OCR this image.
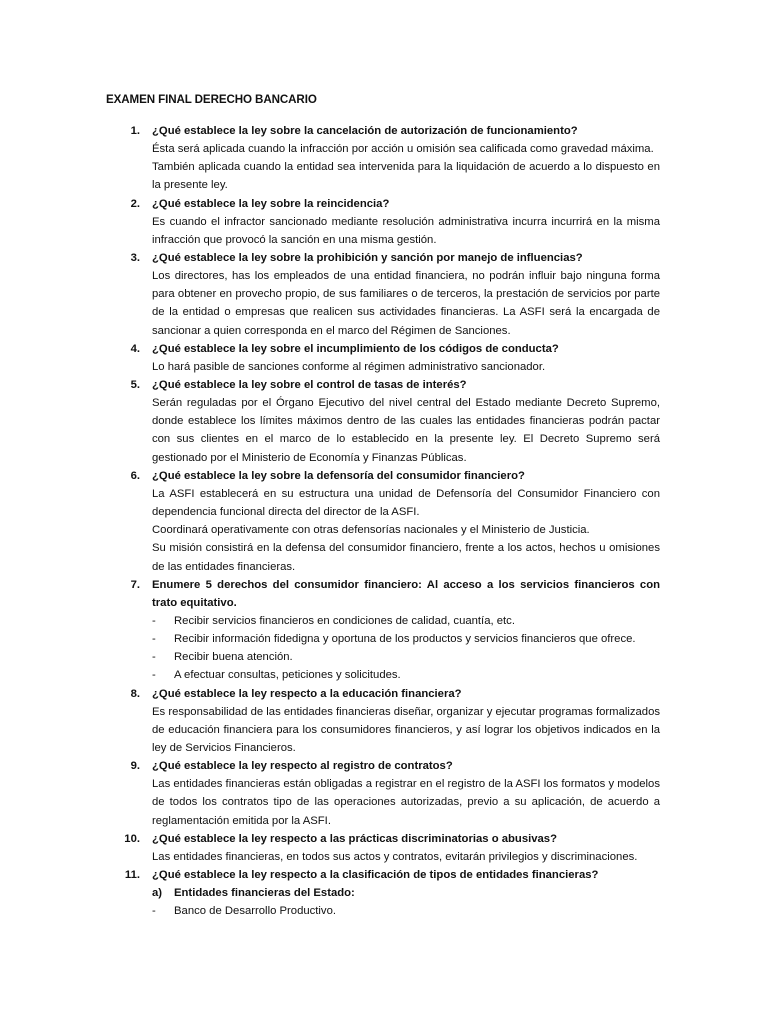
EXAMEN FINAL DERECHO BANCARIO
1. ¿Qué establece la ley sobre la cancelación de autorización de funcionamiento?

Ésta será aplicada cuando la infracción por acción u omisión sea calificada como gravedad máxima.

También aplicada cuando la entidad sea intervenida para la liquidación de acuerdo a lo dispuesto en la presente ley.

2. ¿Qué establece la ley sobre la reincidencia?

Es cuando el infractor sancionado mediante resolución administrativa incurra incurrirá en la misma infracción que provocó la sanción en una misma gestión.

3. ¿Qué establece la ley sobre la prohibición y sanción por manejo de influencias?

Los directores, has los empleados de una entidad financiera, no podrán influir bajo ninguna forma para obtener en provecho propio, de sus familiares o de terceros, la prestación de servicios por parte de la entidad o empresas que realicen sus actividades financieras. La ASFI será la encargada de sancionar a quien corresponda en el marco del Régimen de Sanciones.

4. ¿Qué establece la ley sobre el incumplimiento de los códigos de conducta?

Lo hará pasible de sanciones conforme al régimen administrativo sancionador.

5. ¿Qué establece la ley sobre el control de tasas de interés?

Serán reguladas por el Órgano Ejecutivo del nivel central del Estado mediante Decreto Supremo, donde establece los límites máximos dentro de las cuales las entidades financieras podrán pactar con sus clientes en el marco de lo establecido en la presente ley. El Decreto Supremo será gestionado por el Ministerio de Economía y Finanzas Públicas.

6. ¿Qué establece la ley sobre la defensoría del consumidor financiero?

La ASFI establecerá en su estructura una unidad de Defensoría del Consumidor Financiero con dependencia funcional directa del director de la ASFI.

Coordinará operativamente con otras defensorías nacionales y el Ministerio de Justicia.

Su misión consistirá en la defensa del consumidor financiero, frente a los actos, hechos u omisiones de las entidades financieras.

7. Enumere 5 derechos del consumidor financiero: Al acceso a los servicios financieros con trato equitativo.
- Recibir servicios financieros en condiciones de calidad, cuantía, etc.
- Recibir información fidedigna y oportuna de los productos y servicios financieros que ofrece.
- Recibir buena atención.
- A efectuar consultas, peticiones y solicitudes.
8. ¿Qué establece la ley respecto a la educación financiera?

Es responsabilidad de las entidades financieras diseñar, organizar y ejecutar programas formalizados de educación financiera para los consumidores financieros, y así lograr los objetivos indicados en la ley de Servicios Financieros.

9. ¿Qué establece la ley respecto al registro de contratos?

Las entidades financieras están obligadas a registrar en el registro de la ASFI los formatos y modelos de todos los contratos tipo de las operaciones autorizadas, previo a su aplicación, de acuerdo a reglamentación emitida por la ASFI.

10. ¿Qué establece la ley respecto a las prácticas discriminatorias o abusivas?

Las entidades financieras, en todos sus actos y contratos, evitarán privilegios y discriminaciones.

11. ¿Qué establece la ley respecto a la clasificación de tipos de entidades financieras?
a) Entidades financieras del Estado:
- Banco de Desarrollo Productivo.
